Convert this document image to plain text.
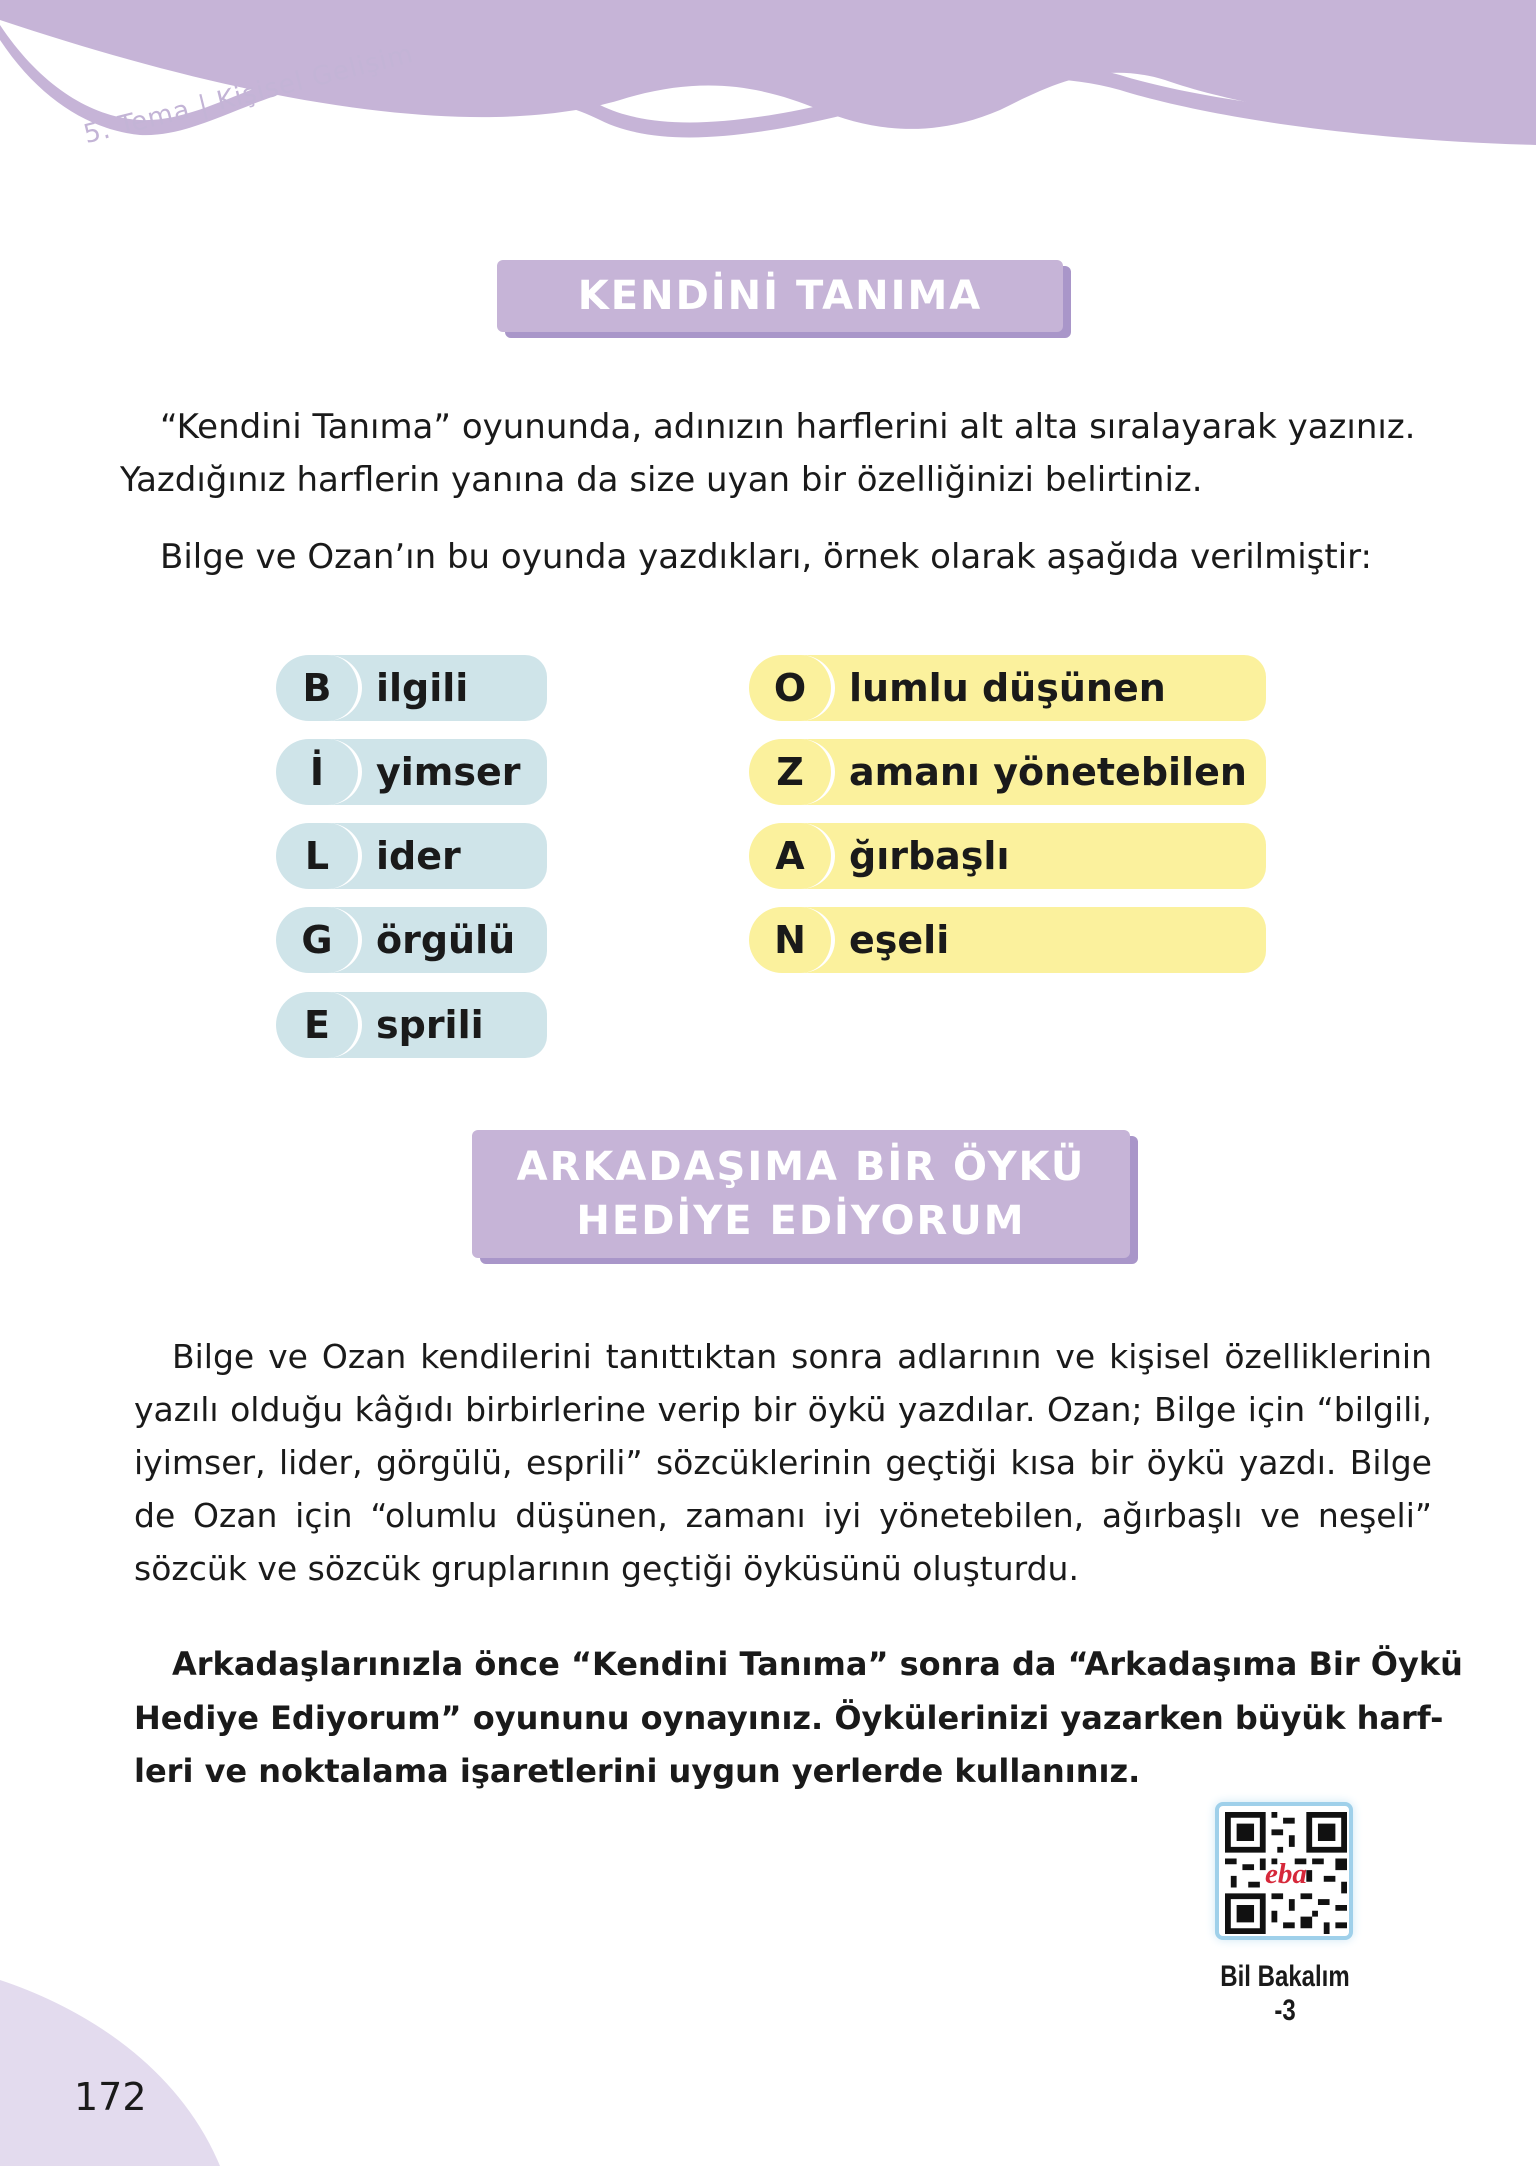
5. Tema | Kişisel Gelişim
KENDİNİ TANIMA
“Kendini Tanıma” oyununda, adınızın harflerini alt alta sıralayarak yazınız.
Yazdığınız harflerin yanına da size uyan bir özelliğinizi belirtiniz.
Bilge ve Ozan’ın bu oyunda yazdıkları, örnek olarak aşağıda verilmiştir:
B	ilgili
İ	yimser
L	ider
G	örgülü
E	sprili
O	lumlu düşünen
Z	amanı yönetebilen
A	ğırbaşlı
N	eşeli
ARKADAŞIMA BİR ÖYKÜ
HEDİYE EDİYORUM
Bilge ve Ozan kendilerini tanıttıktan sonra adlarının ve kişisel özelliklerinin
yazılı olduğu kâğıdı birbirlerine verip bir öykü yazdılar. Ozan; Bilge için “bilgili,
iyimser, lider, görgülü, esprili” sözcüklerinin geçtiği kısa bir öykü yazdı. Bilge
de Ozan için “olumlu düşünen, zamanı iyi yönetebilen, ağırbaşlı ve neşeli”
sözcük ve sözcük gruplarının geçtiği öyküsünü oluşturdu.
Arkadaşlarınızla önce “Kendini Tanıma” sonra da “Arkadaşıma Bir Öykü
Hediye Ediyorum” oyununu oynayınız. Öykülerinizi yazarken büyük harf-
leri ve noktalama işaretlerini uygun yerlerde kullanınız.
eba
Bil Bakalım -3
172
